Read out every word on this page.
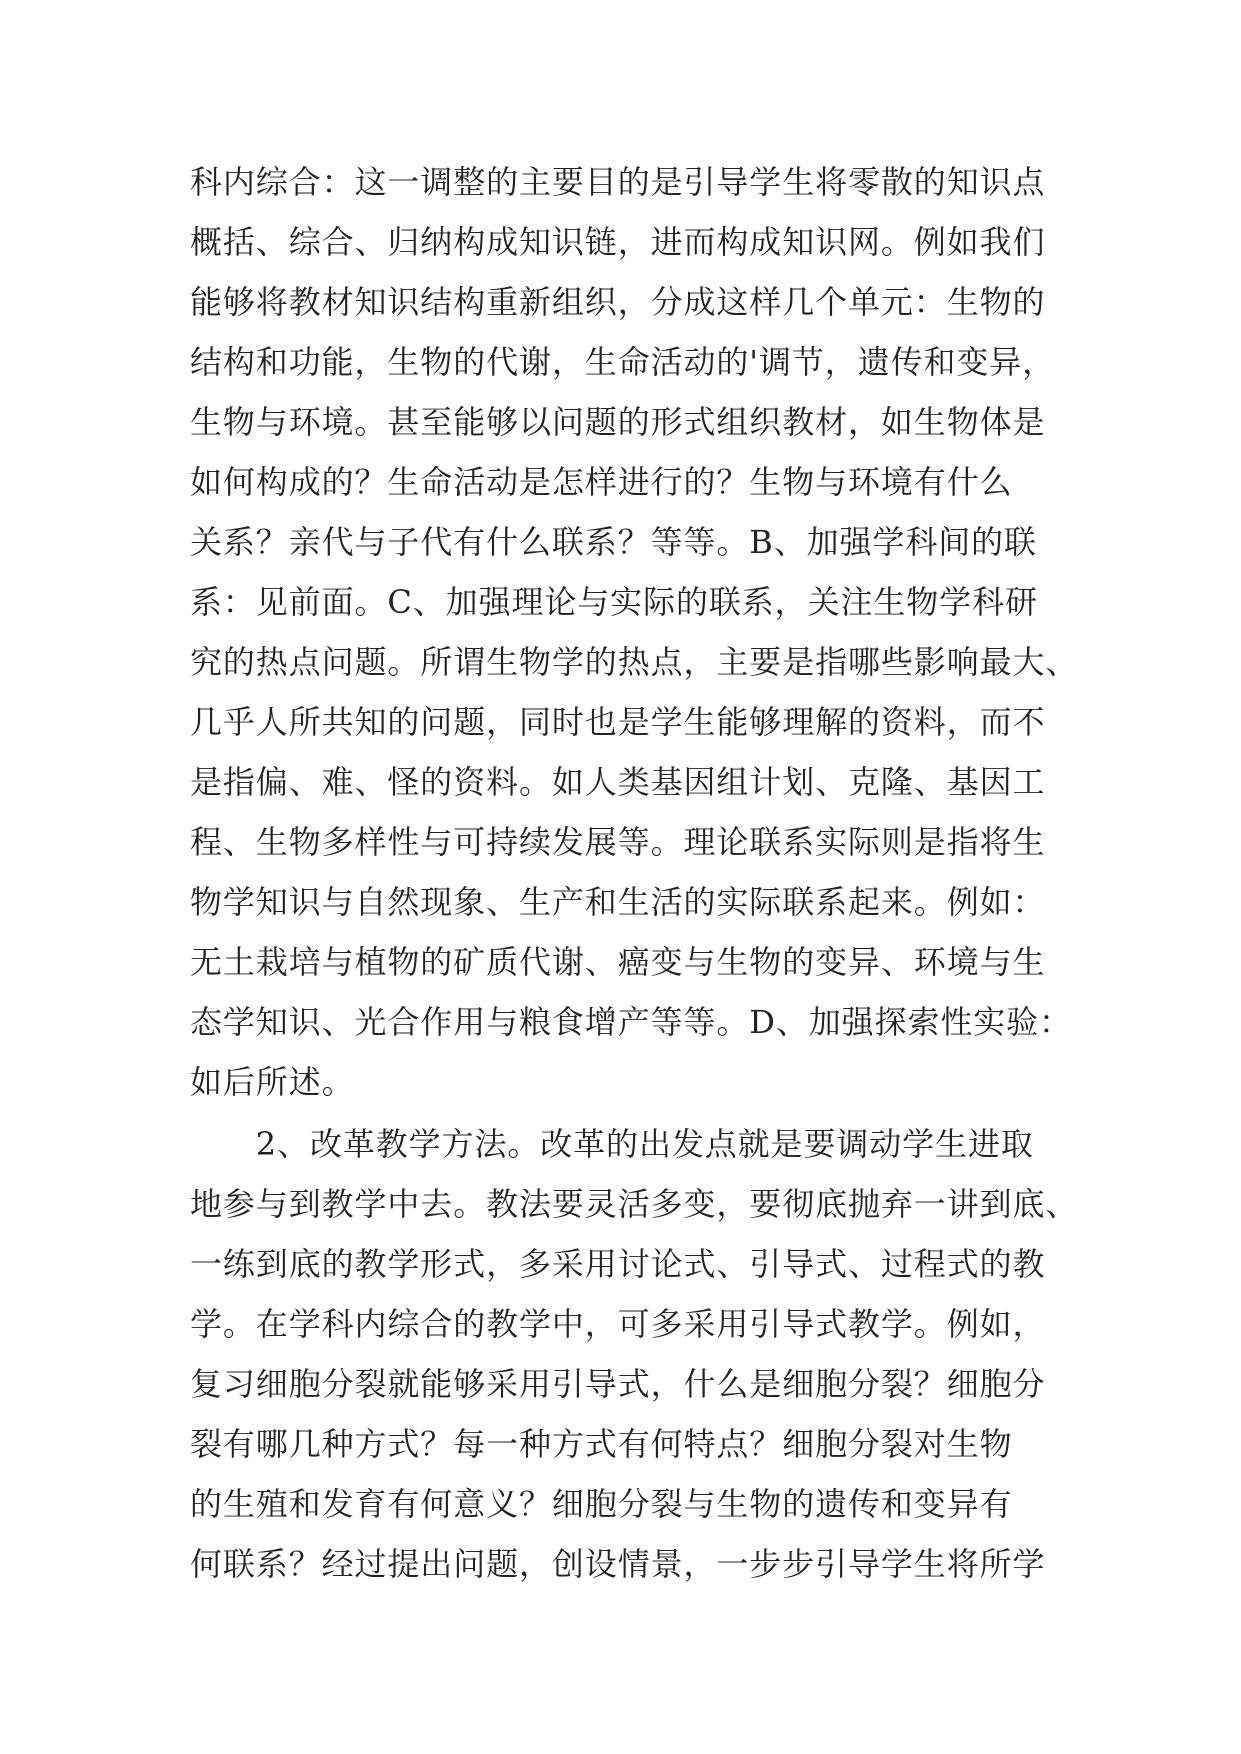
科内综合：这一调整的主要目的是引导学生将零散的知识点
概括、综合、归纳构成知识链，进而构成知识网。例如我们
能够将教材知识结构重新组织，分成这样几个单元：生物的
结构和功能，生物的代谢，生命活动的'调节，遗传和变异，
生物与环境。甚至能够以问题的形式组织教材，如生物体是
如何构成的？生命活动是怎样进行的？生物与环境有什么
关系？亲代与子代有什么联系？等等。B、加强学科间的联
系：见前面。C、加强理论与实际的联系，关注生物学科研
究的热点问题。所谓生物学的热点，主要是指哪些影响最大、
几乎人所共知的问题，同时也是学生能够理解的资料，而不
是指偏、难、怪的资料。如人类基因组计划、克隆、基因工
程、生物多样性与可持续发展等。理论联系实际则是指将生
物学知识与自然现象、生产和生活的实际联系起来。例如：
无土栽培与植物的矿质代谢、癌变与生物的变异、环境与生
态学知识、光合作用与粮食增产等等。D、加强探索性实验：
如后所述。
　　2、改革教学方法。改革的出发点就是要调动学生进取
地参与到教学中去。教法要灵活多变，要彻底抛弃一讲到底、
一练到底的教学形式，多采用讨论式、引导式、过程式的教
学。在学科内综合的教学中，可多采用引导式教学。例如，
复习细胞分裂就能够采用引导式，什么是细胞分裂？细胞分
裂有哪几种方式？每一种方式有何特点？细胞分裂对生物
的生殖和发育有何意义？细胞分裂与生物的遗传和变异有
何联系？经过提出问题，创设情景，一步步引导学生将所学
